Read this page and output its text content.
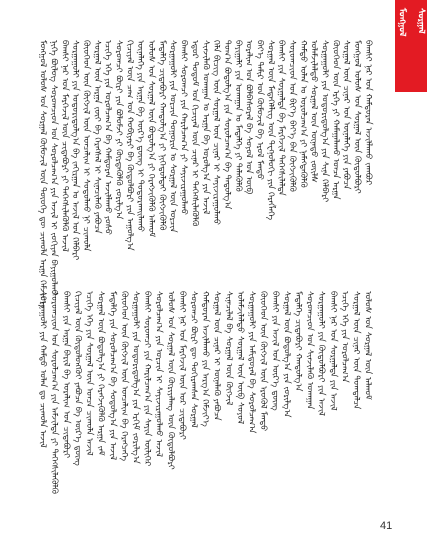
ᠮᠣᠩᠭᠣᠯ	ᠰᠤᠷᠭᠠᠯ
ᠮᠣᠩᠭᠣᠯ ᠤᠯᠤᠰ ᠤᠨ ᠰᠤᠷᠭᠠᠯ ᠬᠦᠮᠦᠵᠢᠯ ᠦᠨ ᠲᠦᠦᠬᠡ ᠳᠦ ᠴᠢᠬᠤᠯᠠ ᠠᠷᠭᠠ ᠬᠡᠮᠵᠢᠶ᠎ᠡ ᠨᠢᠭᠡ ᠪᠦᠯᠦᠭ ᠰᠤᠷᠤᠭᠴᠢᠳ ᠤᠨ ᠰᠤᠷᠤᠯᠴᠠᠭ᠎ᠠ ᠶᠢᠨ ᠠᠵᠢᠯ ᠢ ᠵᠣᠬᠢᠶᠠᠨ ᠪᠠᠶᠢᠭᠤᠯᠬᠤ ᠪᠠᠭᠰᠢ ᠨᠠᠷ ᠤᠨ ᠮᠡᠷᠭᠡᠵᠢᠯ ᠦᠨ ᠴᠢᠳᠠᠪᠤᠷᠢ ᠶᠢ ᠳᠡᠭᠡᠭᠰᠢᠯᠡᠭᠦᠯᠬᠦ ᠠᠵᠢᠯ ᠰᠤᠷᠭᠠᠭᠤᠯᠢ ᠶᠢᠨ ᠤᠳᠤᠷᠢᠳᠤᠯᠭ᠎ᠠ ᠪᠠ ᠵᠠᠬᠢᠷᠭᠠᠨ ᠤ ᠠᠵᠢᠯ ᠤᠨ ᠬᠡᠯᠪᠡᠷᠢ ᠬᠦᠦᠬᠡᠳ ᠦᠨ ᠬᠥᠭᠵᠢᠯ ᠦᠨ ᠣᠨᠴᠠᠯᠢᠭ ᠢ ᠰᠤᠳᠤᠯᠬᠤ ᠨᠢ ᠴᠢᠬᠤᠯᠠ ᠰᠤᠷᠭᠠᠯ ᠦᠨ ᠠᠷᠭᠠ ᠵᠦᠢ ᠪᠠ ᠬᠡᠷᠡᠭᠰᠡᠯ ᠢ ᠰᠢᠨᠡᠴᠢᠯᠡᠬᠦ ᠶᠠᠪᠤᠴᠠ ᠡᠴᠢᠭᠡ ᠡᠬᠡ ᠶᠢᠨ ᠣᠷᠣᠯᠴᠠᠭ᠎ᠠ ᠪᠠ ᠬᠠᠮᠲᠤᠷᠠᠨ ᠠᠵᠢᠯᠯᠠᠬᠤ ᠶᠣᠰᠣ ᠰᠤᠷᠤᠭᠴᠢ ᠪᠦᠷᠢ ᠶᠢᠨ ᠪᠣᠯᠤᠮᠵᠢ ᠶᠢ ᠬᠦᠷᠳᠡᠭᠦᠯᠬᠦ ᠵᠣᠷᠢᠯᠭ᠎ᠠ ᠬᠢᠴᠢᠶᠡᠯ ᠦᠨ ᠴᠠᠭ ᠤᠨ ᠬᠤᠪᠢᠶᠠᠷᠢ ᠪᠠ ᠬᠥᠲᠦᠯᠪᠦᠷᠢ ᠶᠢᠨ ᠠᠭᠤᠯᠭ᠎ᠠ ᠦᠨᠡᠯᠡᠭᠡ ᠶᠢᠨ ᠠᠷᠭᠠ ᠪᠠ ᠦᠷ᠎ᠡ ᠳ᠋ᠦᠩ ᠢ ᠲᠣᠳᠤᠷᠬᠠᠢᠯᠠᠬᠤ ᠤᠯᠤᠰ ᠤᠨ ᠰᠤᠷᠭᠠᠯ ᠦᠨ ᠪᠣᠳᠤᠯᠭ᠎ᠠ ᠶᠢ ᠬᠡᠷᠡᠭᠵᠢᠭᠦᠯᠬᠦ ᠠᠯᠬᠤᠮ ᠮᠡᠳᠡᠯᠭᠡ ᠴᠢᠳᠠᠪᠤᠷᠢ ᠬᠠᠨᠳᠤᠯᠭ᠎ᠠ ᠶᠢ ᠨᠢᠭᠡᠳᠦᠯᠲᠡᠶ ᠬᠥᠭᠵᠢᠭᠦᠯᠬᠦ ᠰᠤᠷᠭᠠᠭᠤᠯᠢ ᠶᠢᠨ ᠣᠷᠴᠢᠨ ᠲᠣᠭᠣᠷᠢᠨ ᠤ ᠰᠤᠷᠭᠠᠯ ᠦᠨ ᠣᠷᠴᠢᠨ ᠪᠠᠭᠰᠢ ᠰᠤᠷᠤᠭᠴᠢ ᠶᠢᠨ ᠬᠠᠷᠢᠯᠴᠠᠭ᠎ᠠ ᠶᠢ ᠰᠠᠶᠢᠵᠢᠷᠠᠭᠤᠯᠬᠤ ᠡᠳᠦᠷ ᠲᠤᠲᠤᠮ ᠤᠨ ᠬᠢᠴᠢᠶᠡᠯ ᠦᠨ ᠴᠢᠨᠠᠷ ᠢ ᠳᠡᠭᠡᠭᠰᠢᠯᠡᠭᠦᠯᠬᠦ ᠰᠢᠨᠵᠢᠯᠡᠬᠦ ᠤᠬᠠᠭᠠᠨ ᠤ ᠠᠷᠭᠠ ᠪᠠ ᠤᠷᠤᠯᠭ᠎ᠠ ᠶᠢᠨ ᠠᠵᠢᠯ ᠬᠡᠯᠡ ᠪᠢᠴᠢᠭ ᠦᠨ ᠰᠤᠷᠭᠠᠯ ᠦᠨ ᠴᠢᠨᠠᠷ ᠢ ᠰᠠᠶᠢᠵᠢᠷᠠᠭᠤᠯᠬᠤ ᠲᠣᠭ᠎ᠠ ᠪᠣᠳᠤᠯᠭ᠎ᠠ ᠶᠢᠨ ᠰᠤᠷᠤᠯᠴᠠᠭ᠎ᠠ ᠪᠠ ᠳᠠᠳᠤᠯᠭ᠎ᠠ ᠪᠠᠶᠢᠭᠠᠯᠢ ᠶᠢᠨ ᠤᠬᠠᠭᠠᠨ ᠤ ᠮᠡᠳᠡᠯᠭᠡ ᠶᠢ ᠲᠡᠯᠡᠭᠦᠯᠬᠦ ᠤᠷᠠᠯᠢᠭ ᠤᠨ ᠪᠣᠯᠪᠠᠰᠤᠷᠠᠯ ᠪᠠ ᠰᠣᠶᠣᠯ ᠤᠨ ᠥᠪ ᠪᠡᠶ᠎ᠡ ᠲᠠᠮᠢᠷ ᠤᠨ ᠬᠥᠮᠦᠵᠢᠯ ᠪᠠ ᠡᠷᠥᠯ ᠮᠡᠨᠳᠦ ᠰᠤᠷᠭᠠᠯ ᠦᠨ ᠮᠡᠳᠡᠭᠡᠯᠯᠢᠭ ᠦᠨ ᠲᠧᠬᠨᠣᠯᠣᠭᠢ ᠶᠢᠨ ᠬᠡᠷᠡᠭᠯᠡᠭᠡ ᠪᠠᠭᠰᠢ ᠶᠢᠨ ᠰᠤᠷᠭᠠᠯᠲᠠ ᠪᠠ ᠮᠡᠷᠭᠡᠵᠢᠯ ᠳᠡᠭᠡᠭᠰᠢᠯᠡᠯᠲᠡ ᠰᠤᠷᠤᠭᠴᠢᠳ ᠤᠨ ᠪᠢᠶ᠎ᠡ ᠪᠡᠶ᠎ᠡ ᠪᠡᠨ ᠬᠥᠭᠵᠢᠭᠦᠯᠬᠦ ᠬᠠᠮᠲᠤ ᠣᠯᠠᠨ ᠤ ᠣᠷᠣᠯᠴᠠᠭ᠎ᠠ ᠶᠢ ᠨᠡᠮᠡᠭᠳᠡᠭᠦᠯᠬᠦ ᠤᠯᠠᠮᠵᠢᠯᠠᠯᠲᠤ ᠰᠤᠷᠭᠠᠯ ᠦᠨ ᠦᠨᠡᠲᠦ ᠵᠦᠢᠯᠰ ᠰᠤᠷᠭᠠᠭᠤᠯᠢ ᠶᠢᠨ ᠤᠳᠤᠷᠢᠳᠤᠯᠭ᠎ᠠ ᠶᠢᠨ ᠰᠢᠨᠡ ᠬᠡᠯᠪᠡᠷᠢ ᠬᠦᠦᠬᠡᠳ ᠦᠨ ᠡᠷᠬᠡ ᠶᠢ ᠬᠠᠮᠠᠭᠠᠯᠠᠬᠤ ᠣᠨᠴᠠ ᠠᠷᠭᠠ ᠰᠤᠷᠭᠠᠯ ᠦᠨ ᠴᠢᠨᠠᠷ ᠤᠨ ᠦᠨᠡᠯᠡᠭᠡ ᠶᠢᠨ ᠶᠠᠪᠤᠴᠠ ᠮᠣᠩᠭᠣᠯ ᠤᠯᠤᠰ ᠤᠨ ᠰᠤᠷᠭᠠᠯ ᠦᠨ ᠬᠥᠲᠦᠯᠪᠦᠷᠢ ᠪᠠᠭᠰᠢ ᠨᠠᠷ ᠤᠨ ᠬᠠᠮᠲᠤᠷᠠᠨ ᠠᠵᠢᠯᠯᠠᠬᠤ ᠵᠠᠭᠪᠤᠷ
ᠰᠤᠷᠭᠠᠭᠤᠯᠢ ᠶᠢᠨ ᠬᠠᠮᠲᠤ ᠣᠯᠠᠨ ᠳᠤ ᠴᠢᠬᠤᠯᠠ ᠠᠵᠢᠯ ᠰᠤᠷᠤᠭᠴᠢᠳ ᠤᠨ ᠰᠤᠷᠤᠯᠴᠠᠭ᠎ᠠ ᠶᠢᠨ ᠠᠮᠵᠢᠯᠲᠠ ᠶᠢ ᠳᠡᠭᠡᠭᠰᠢᠯᠡᠭᠦᠯᠬᠦ ᠪᠠᠭᠰᠢ ᠶᠢᠨ ᠠᠷᠭᠠ ᠪᠠᠷᠢᠯ ᠪᠠ ᠤᠷᠠᠯᠢᠭ ᠤᠨ ᠴᠢᠳᠠᠪᠤᠷᠢ ᠬᠢᠴᠢᠶᠡᠯ ᠦᠨ ᠬᠦᠳᠦᠯᠦᠩᠭᠦᠢ ᠶᠠᠪᠤᠴᠠ ᠪᠠ ᠦᠷ᠎ᠡ ᠳ᠋ᠦᠩ ᠡᠴᠢᠭᠡ ᠡᠬᠡ ᠶᠢᠨ ᠰᠤᠷᠭᠠᠯ ᠦᠨ ᠣᠨᠴᠠ ᠴᠢᠬᠤᠯᠠ ᠠᠵᠢᠯ ᠰᠤᠷᠭᠠᠯ ᠦᠨ ᠪᠣᠳᠤᠯᠭ᠎ᠠ ᠶᠢ ᠬᠡᠷᠡᠭᠵᠢᠭᠦᠯᠬᠦ ᠠᠷᠭᠠ ᠵᠠᠮ ᠮᠡᠳᠡᠯᠭᠡ ᠶᠢᠨ ᠰᠤᠷᠤᠯᠴᠠᠭ᠎ᠠ ᠪᠠ ᠰᠤᠳᠤᠯᠭ᠎ᠠ ᠶᠢᠨ ᠠᠵᠢᠯ ᠬᠦᠦᠬᠡᠳ ᠦᠨ ᠬᠥᠭᠵᠢᠯ ᠦᠨ ᠣᠨᠴᠠᠯᠢᠭ ᠪᠠ ᠬᠡᠷᠡᠭᠴᠡᠭᠡ ᠰᠤᠷᠭᠠᠭᠤᠯᠢ ᠶᠢᠨ ᠤᠳᠤᠷᠢᠳᠤᠯᠭ᠎ᠠ ᠶᠢᠨ ᠡᠷᠬᠢᠮ ᠵᠣᠷᠢᠯᠭ᠎ᠠ ᠪᠠᠭᠰᠢ ᠰᠤᠷᠤᠭᠴᠢ ᠶᠢᠨ ᠬᠠᠷᠢᠯᠴᠠᠭ᠎ᠠ ᠶᠢᠨ ᠰᠠᠶᠢᠨ ᠦᠯᠢᠭᠡᠷ ᠰᠤᠷᠤᠯᠴᠠᠭ᠎ᠠ ᠶᠢᠨ ᠣᠷᠴᠢᠨ ᠢ ᠰᠠᠶᠢᠵᠢᠷᠠᠭᠤᠯᠬᠤ ᠠᠵᠢᠯ ᠤᠯᠤᠰ ᠤᠨ ᠰᠤᠷᠭᠠᠯ ᠦᠨ ᠬᠦᠷᠢᠶᠡᠯᠡᠩ ᠦᠨ ᠬᠥᠲᠦᠯᠪᠦᠷᠢ ᠪᠠᠭᠰᠢ ᠨᠠᠷ ᠤᠨ ᠮᠡᠷᠭᠡᠵᠢᠯ ᠦᠨ ᠤᠷ ᠴᠢᠳᠠᠪᠤᠷᠢ ᠰᠤᠷᠤᠭᠴᠢ ᠪᠦᠷᠢ ᠳᠦ ᠲᠣᠬᠢᠷᠠᠭᠰᠠᠨ ᠰᠤᠷᠭᠠᠯ ᠬᠠᠮᠲᠤᠷᠠᠨ ᠠᠵᠢᠯᠯᠠᠬᠤ ᠶᠢᠨ ᠠᠷᠭ᠎ᠠ ᠬᠡᠮᠵᠢᠶ᠎ᠡ ᠰᠤᠷᠭᠠᠯ ᠦᠨ ᠴᠢᠨᠠᠷ ᠢ ᠦᠨᠡᠯᠡᠬᠦ ᠶᠠᠪᠤᠴᠠ ᠰᠢᠨᠡᠴᠢᠯᠡᠯ ᠪᠠ ᠰᠤᠷᠭᠠᠯ ᠦᠨ ᠬᠥᠭᠵᠢᠯ ᠤᠯᠠᠮᠵᠢᠯᠠᠯᠲᠤ ᠰᠤᠷᠭᠠᠯ ᠦᠨ ᠥᠪ ᠰᠣᠶᠣᠯ ᠰᠤᠷᠭᠠᠭᠤᠯᠢ ᠶᠢᠨ ᠠᠮᠢᠳᠤᠷᠠᠯ ᠪᠠ ᠰᠤᠷᠤᠯᠴᠠᠭ᠎ᠠ ᠬᠦᠦᠬᠡᠳ ᠦᠨ ᠬᠥᠭᠵᠢᠯ ᠦᠨ ᠡᠷᠦᠭᠦᠯ ᠮᠡᠨᠳᠦ ᠪᠠᠭᠰᠢ ᠶᠢᠨ ᠠᠵᠢᠯ ᠤᠨ ᠦᠷ᠎ᠡ ᠳ᠋ᠦᠩ ᠰᠤᠷᠭᠠᠯ ᠦᠨ ᠪᠣᠳᠤᠯᠭ᠎ᠠ ᠶᠢᠨ ᠵᠣᠷᠢᠯᠭ᠎ᠠ ᠮᠡᠳᠡᠯᠭᠡ ᠴᠢᠳᠠᠪᠤᠷᠢ ᠬᠠᠨᠳᠤᠯᠭ᠎ᠠ ᠰᠤᠷᠤᠭᠴᠢᠳ ᠤᠨ ᠰᠢᠨᠵᠢᠯᠡᠬᠦ ᠤᠬᠠᠭᠠᠨ ᠰᠤᠷᠭᠠᠭᠤᠯᠢ ᠶᠢᠨ ᠬᠥᠲᠦᠯᠪᠦᠷᠢ ᠶᠢᠨ ᠠᠵᠢᠯ ᠪᠠᠭᠰᠢ ᠨᠠᠷ ᠤᠨ ᠰᠤᠷᠭᠠᠯᠲᠠ ᠶᠢᠨ ᠠᠵᠢᠯ ᠡᠴᠢᠭᠡ ᠡᠬᠡ ᠶᠢᠨ ᠣᠷᠣᠯᠴᠠᠭ᠎ᠠ ᠰᠤᠷᠭᠠᠯ ᠦᠨ ᠴᠢᠨᠠᠷ ᠦᠨ ᠲᠣᠭᠲᠠᠯᠴᠠ ᠤᠯᠤᠰ ᠤᠨ ᠰᠤᠷᠭᠠᠯ ᠦᠨ ᠠᠯᠬᠤᠮ
41
